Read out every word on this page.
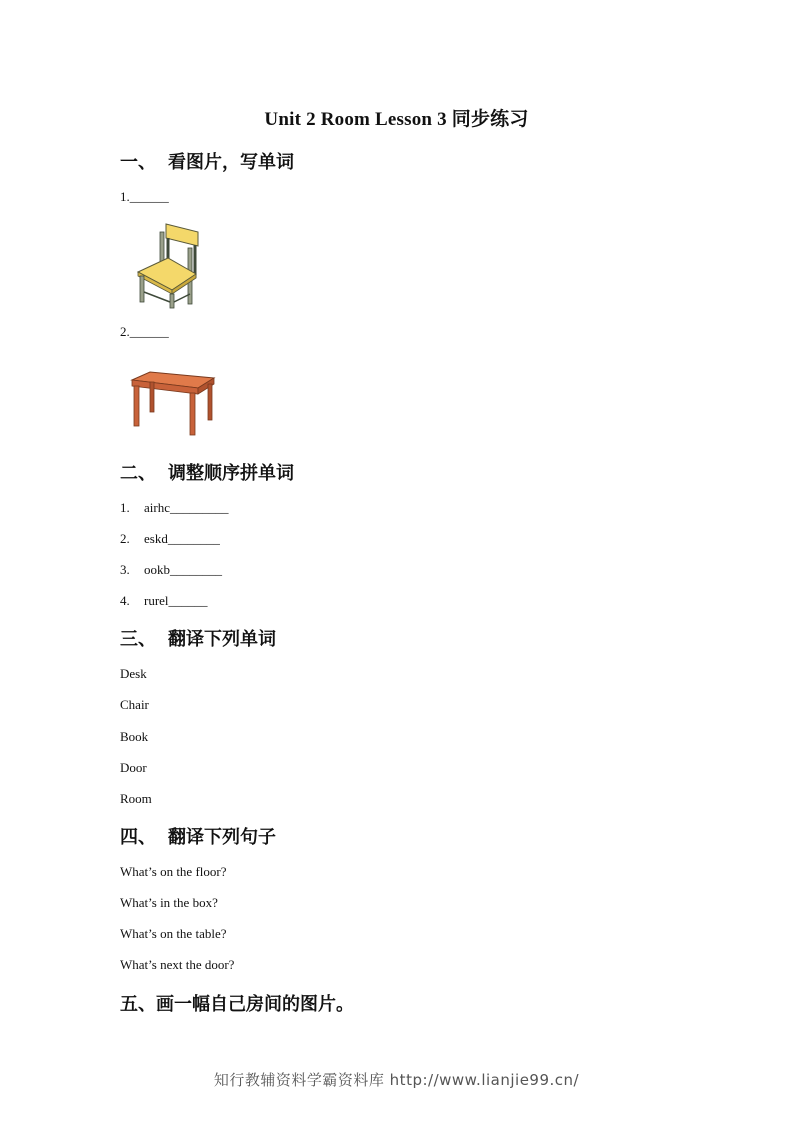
Unit 2 Room Lesson 3 同步练习
一、 看图片，写单词
1.______
2.______
二、 调整顺序拼单词
1. airhc_________
2. eskd________
3. ookb________
4. rurel______
三、 翻译下列单词
Desk
Chair
Book
Door
Room
四、 翻译下列句子
What’s on the floor?
What’s in the box?
What’s on the table?
What’s next the door?
五、画一幅自己房间的图片。
知行教辅资料学霸资料库 http://www.lianjie99.cn/
